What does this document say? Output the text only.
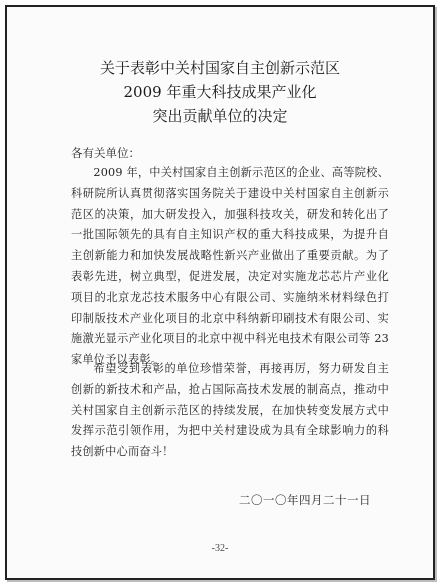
关于表彰中关村国家自主创新示范区
2009 年重大科技成果产业化
突出贡献单位的决定
各有关单位：

2009 年，中关村国家自主创新示范区的企业、高等院校、科研院所认真贯彻落实国务院关于建设中关村国家自主创新示范区的决策，加大研发投入，加强科技攻关，研发和转化出了一批国际领先的具有自主知识产权的重大科技成果，为提升自主创新能力和加快发展战略性新兴产业做出了重要贡献。为了表彰先进，树立典型，促进发展，决定对实施龙芯芯片产业化项目的北京龙芯技术服务中心有限公司、实施纳米材料绿色打印制版技术产业化项目的北京中科纳新印刷技术有限公司、实施激光显示产业化项目的北京中视中科光电技术有限公司等 23 家单位予以表彰。

希望受到表彰的单位珍惜荣誉，再接再厉，努力研发自主创新的新技术和产品，抢占国际高技术发展的制高点，推动中关村国家自主创新示范区的持续发展，在加快转变发展方式中发挥示范引领作用，为把中关村建设成为具有全球影响力的科技创新中心而奋斗！

二〇一〇年四月二十一日
-32-
